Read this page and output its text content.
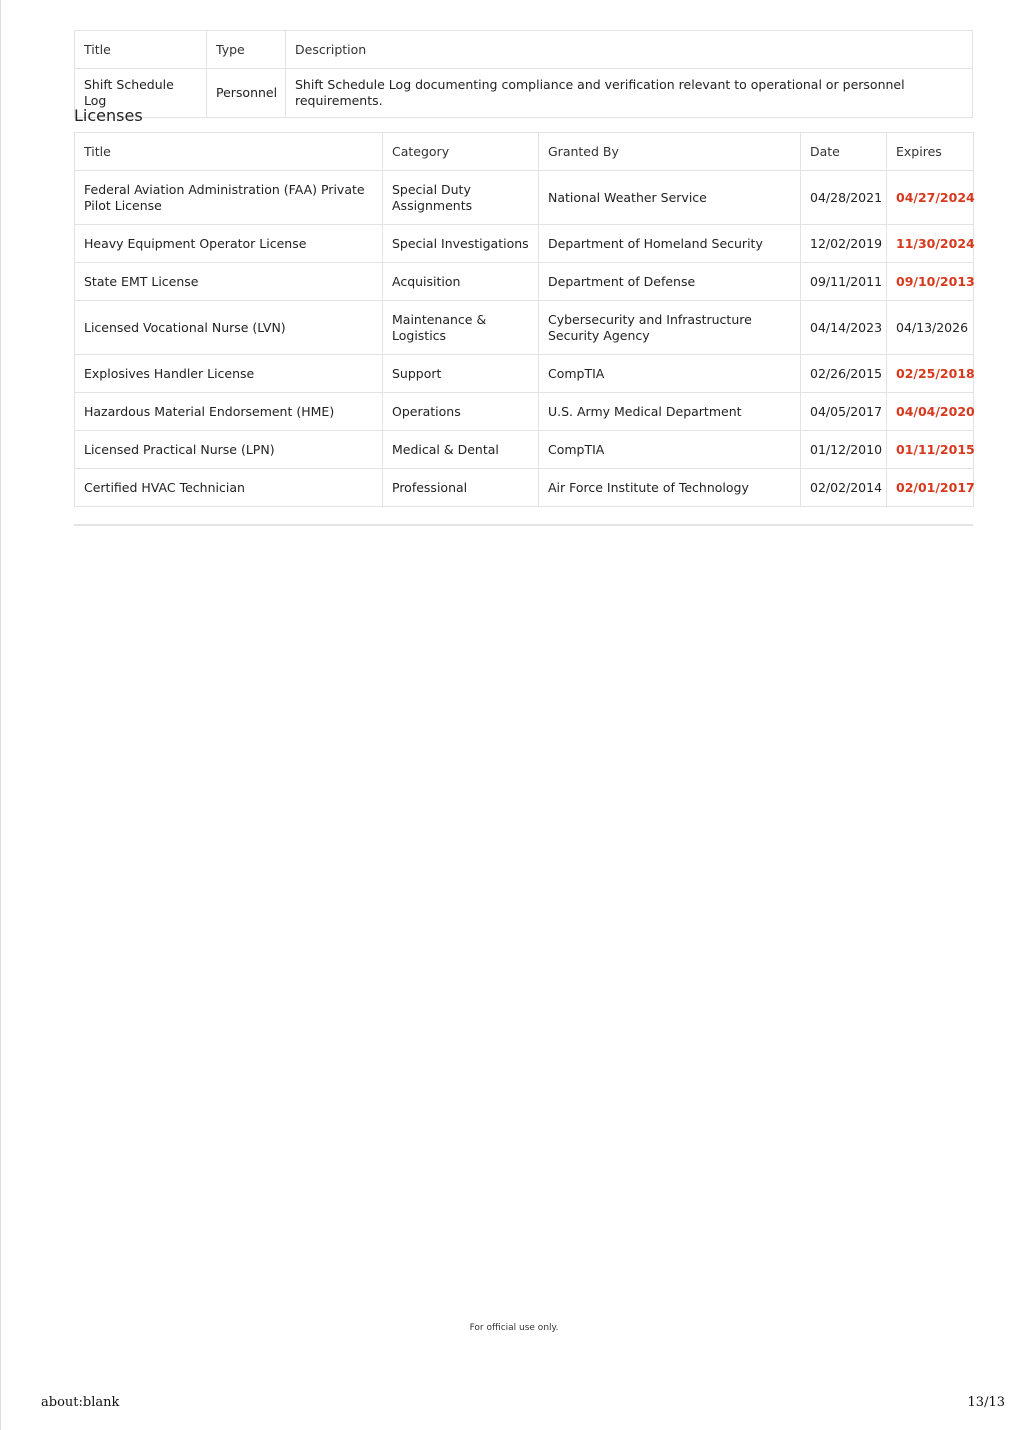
Title	Type	Description
Shift Schedule Log	Personnel	Shift Schedule Log documenting compliance and verification relevant to operational or personnel requirements.
Licenses
Title	Category	Granted By	Date	Expires
Federal Aviation Administration (FAA) Private Pilot License	Special Duty Assignments	National Weather Service	04/28/2021	04/27/2024
Heavy Equipment Operator License	Special Investigations	Department of Homeland Security	12/02/2019	11/30/2024
State EMT License	Acquisition	Department of Defense	09/11/2011	09/10/2013
Licensed Vocational Nurse (LVN)	Maintenance & Logistics	Cybersecurity and Infrastructure Security Agency	04/14/2023	04/13/2026
Explosives Handler License	Support	CompTIA	02/26/2015	02/25/2018
Hazardous Material Endorsement (HME)	Operations	U.S. Army Medical Department	04/05/2017	04/04/2020
Licensed Practical Nurse (LPN)	Medical & Dental	CompTIA	01/12/2010	01/11/2015
Certified HVAC Technician	Professional	Air Force Institute of Technology	02/02/2014	02/01/2017
For official use only.
about:blank	13/13
